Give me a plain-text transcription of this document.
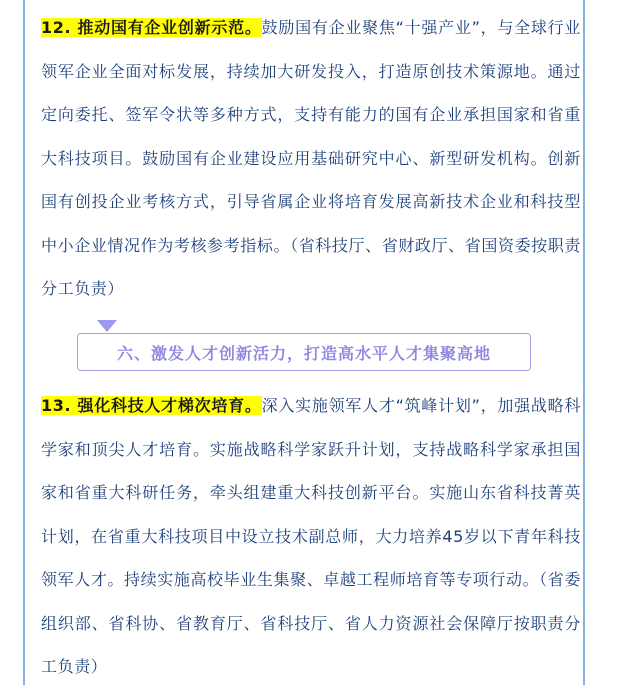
12. 推动国有企业创新示范。鼓励国有企业聚焦“十强产业”，与全球行业领军企业全面对标发展，持续加大研发投入，打造原创技术策源地。通过定向委托、签军令状等多种方式，支持有能力的国有企业承担国家和省重大科技项目。鼓励国有企业建设应用基础研究中心、新型研发机构。创新国有创投企业考核方式，引导省属企业将培育发展高新技术企业和科技型中小企业情况作为考核参考指标。（省科技厅、省财政厅、省国资委按职责分工负责）
六、激发人才创新活力，打造高水平人才集聚高地
13. 强化科技人才梯次培育。深入实施领军人才“筑峰计划”，加强战略科学家和顶尖人才培育。实施战略科学家跃升计划，支持战略科学家承担国家和省重大科研任务，牵头组建重大科技创新平台。实施山东省科技菁英计划，在省重大科技项目中设立技术副总师，大力培养45岁以下青年科技领军人才。持续实施高校毕业生集聚、卓越工程师培育等专项行动。（省委组织部、省科协、省教育厅、省科技厅、省人力资源社会保障厅按职责分工负责）
